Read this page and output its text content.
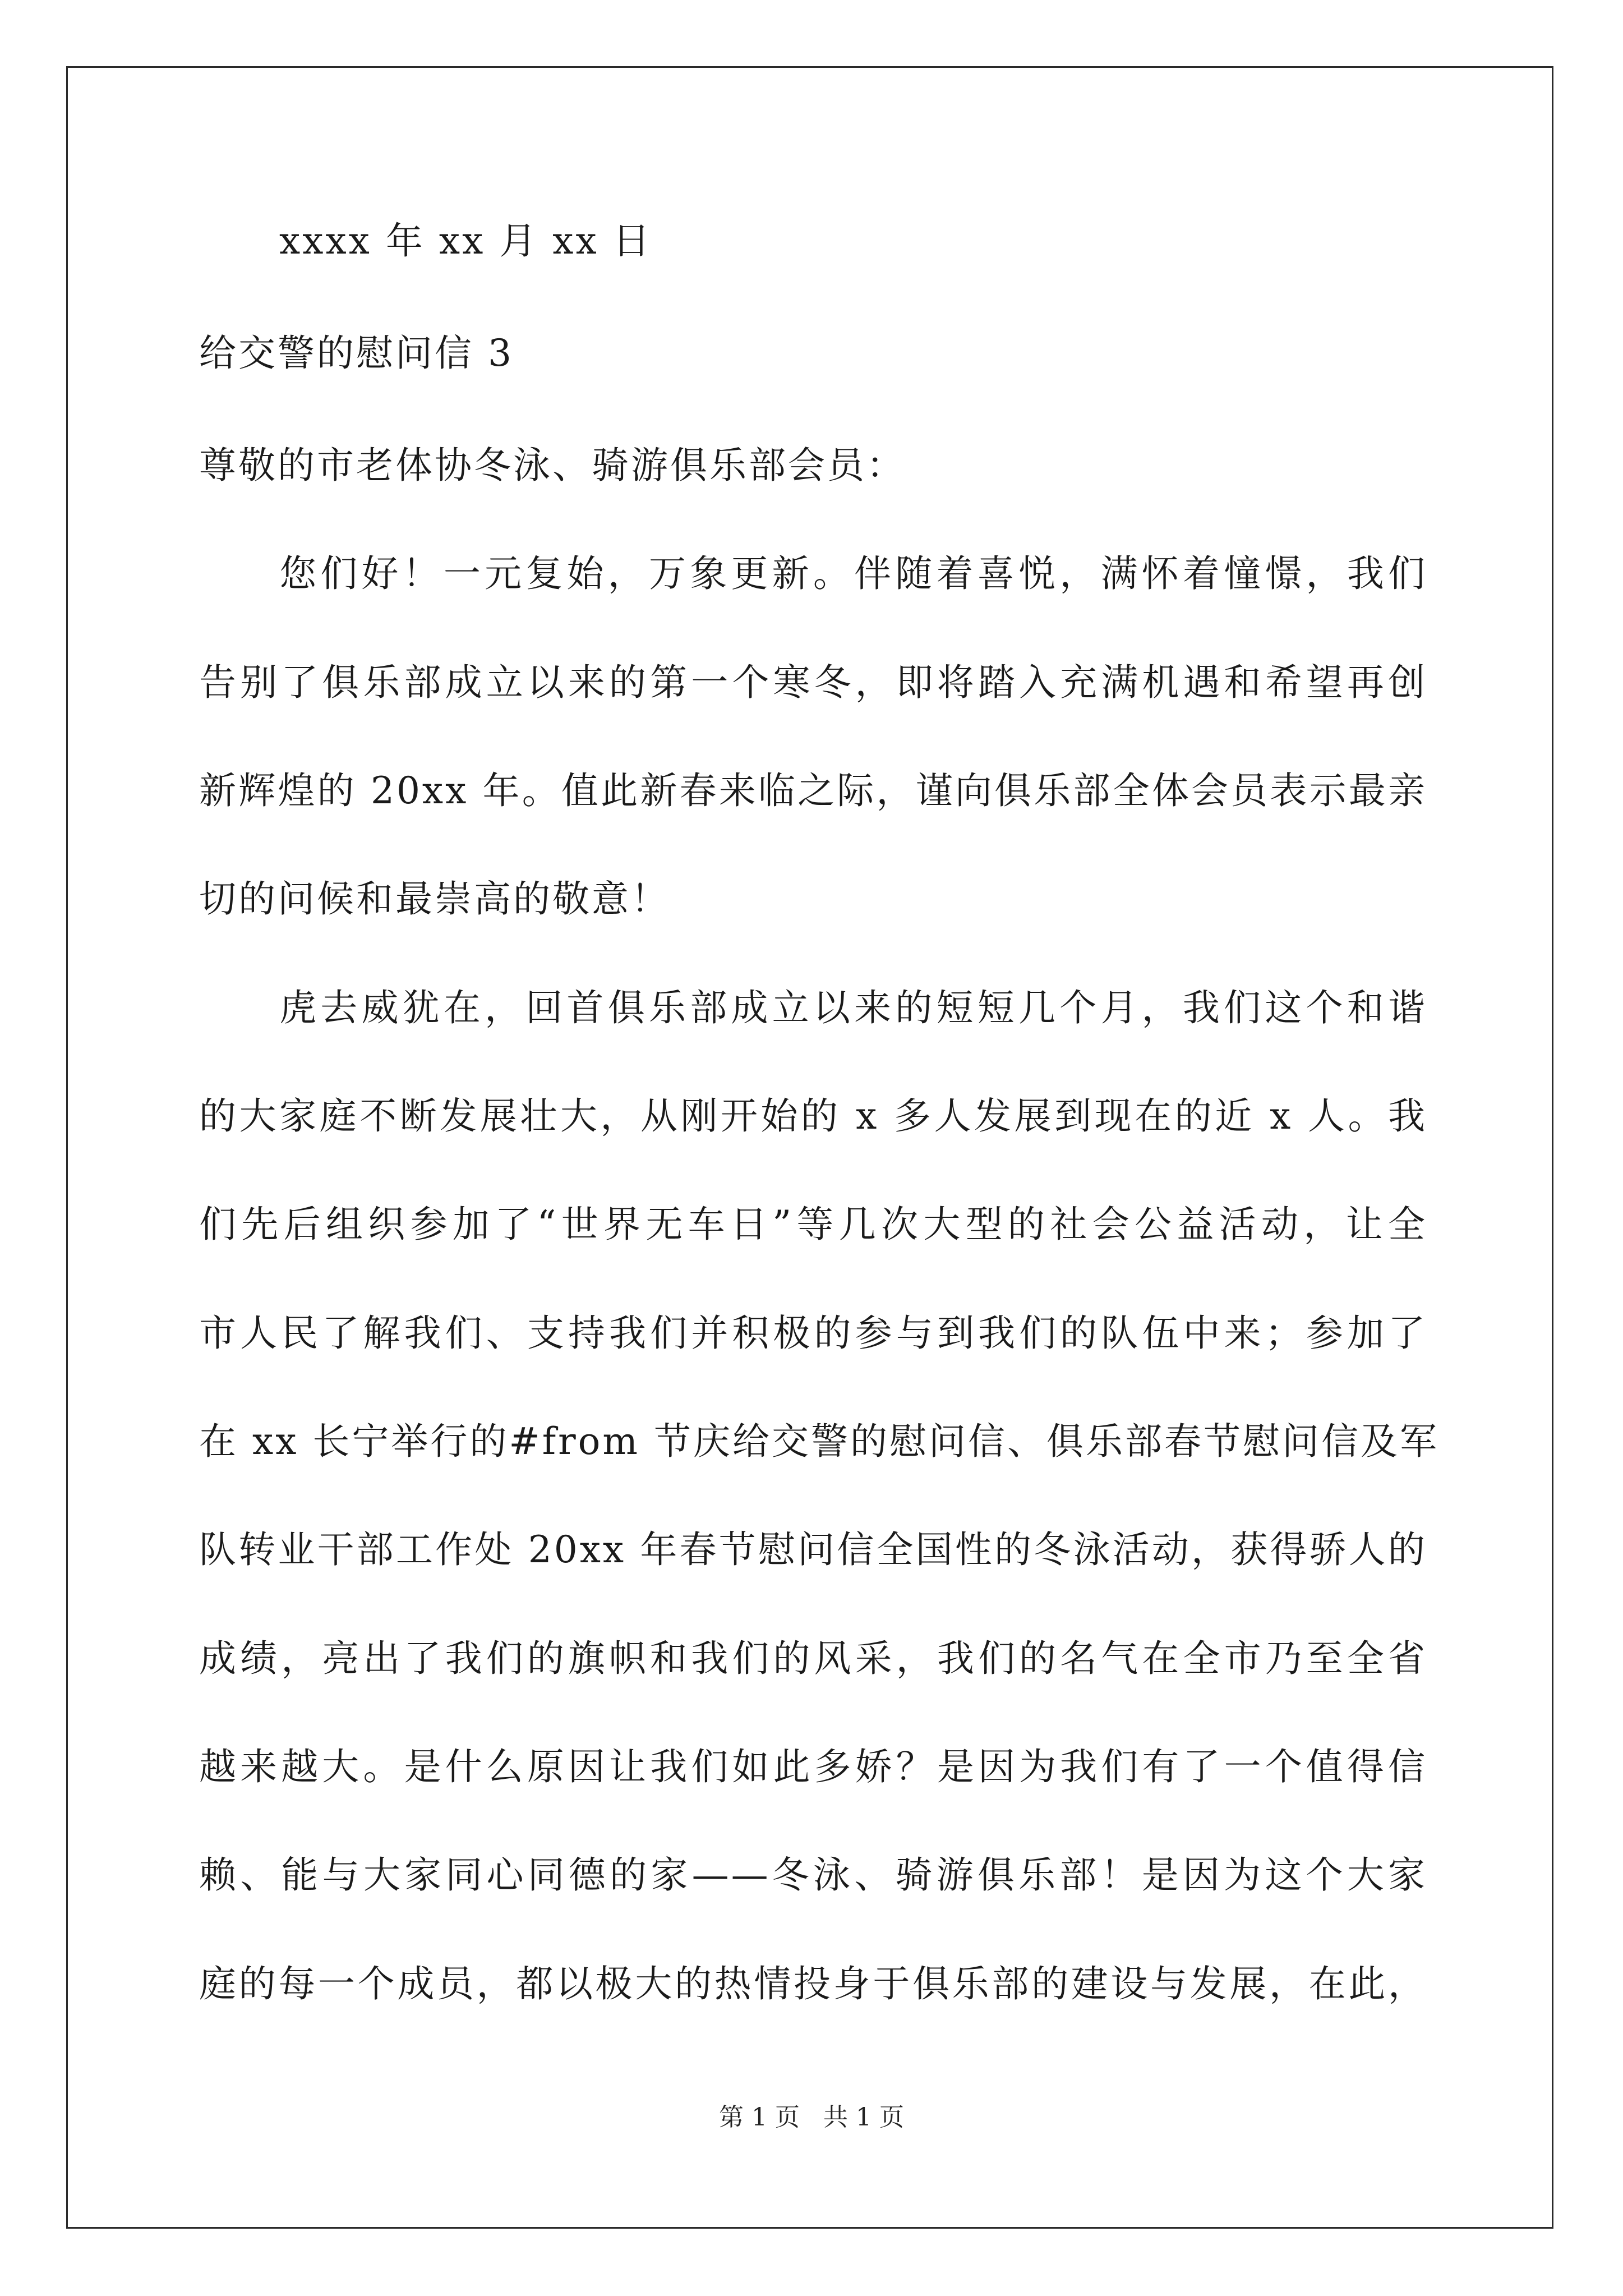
xxxx 年 xx 月 xx 日
给交警的慰问信 3
尊敬的市老体协冬泳、骑游俱乐部会员：
您们好！一元复始，万象更新。伴随着喜悦，满怀着憧憬，我们
告别了俱乐部成立以来的第一个寒冬，即将踏入充满机遇和希望再创
新辉煌的 20xx 年。值此新春来临之际，谨向俱乐部全体会员表示最亲
切的问候和最崇高的敬意！
虎去威犹在，回首俱乐部成立以来的短短几个月，我们这个和谐
的大家庭不断发展壮大，从刚开始的 x 多人发展到现在的近 x 人。我
们先后组织参加了“世界无车日”等几次大型的社会公益活动，让全
市人民了解我们、支持我们并积极的参与到我们的队伍中来；参加了
在 xx 长宁举行的#from 节庆给交警的慰问信、俱乐部春节慰问信及军
队转业干部工作处 20xx 年春节慰问信全国性的冬泳活动，获得骄人的
成绩，亮出了我们的旗帜和我们的风采，我们的名气在全市乃至全省
越来越大。是什么原因让我们如此多娇？是因为我们有了一个值得信
赖、能与大家同心同德的家——冬泳、骑游俱乐部！是因为这个大家
庭的每一个成员，都以极大的热情投身于俱乐部的建设与发展，在此，
第 1 页   共 1 页
